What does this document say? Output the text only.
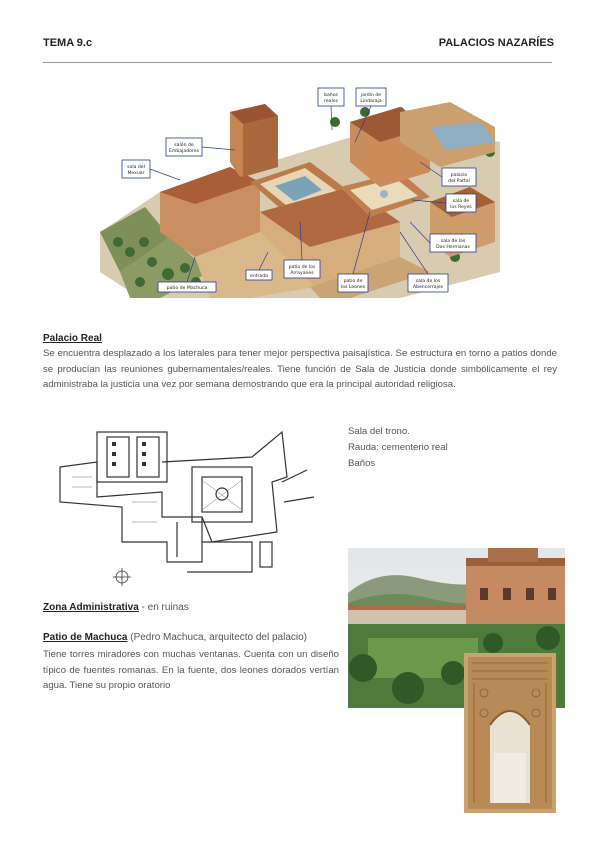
TEMA 9.c	PALACIOS NAZARÍES
baños
reales
jardín de
Lindaraja
salón de
Embajadores
sala del
Mexuar	palacio
del Partal
sala de
los Reyes
sala de las
Dos Hermanas
entrada
patio de los
Arrayanes
patio de
los Leones
sala de los
Abencerrajes
patio de Machuca
Palacio Real
Se encuentra desplazado a los laterales para tener mejor perspectiva paisajística. Se estructura en torno a patios donde se producían las reuniones gubernamentales/reales. Tiene función de Sala de Justicia donde simbólicamente el rey administraba la justicia una vez por semana demostrando que era la principal autoridad religiosa.
Sala del trono.
Rauda: cementerio real
Baños
Zona Administrativa - en ruinas
Patio de Machuca (Pedro Machuca, arquitecto del palacio)
Tiene torres miradores con muchas ventanas. Cuenta con un diseño típico de fuentes romanas. En la fuente, dos leones dorados vertían agua. Tiene su propio oratorio
